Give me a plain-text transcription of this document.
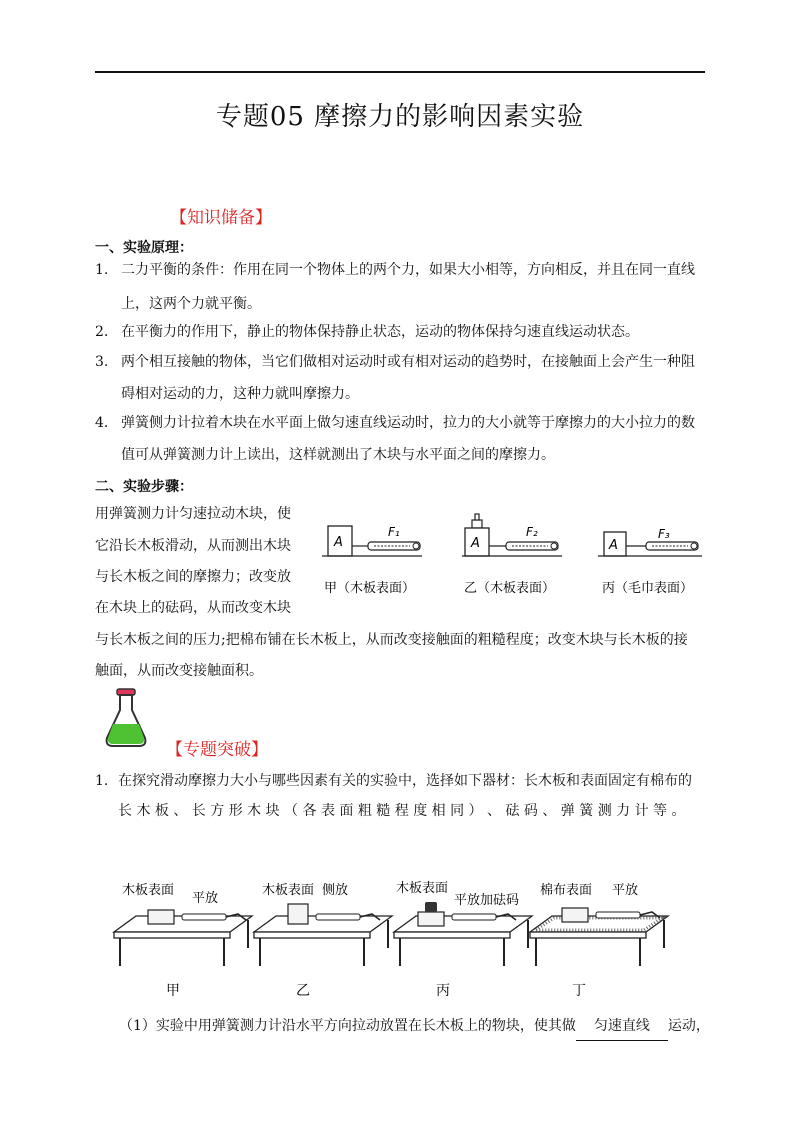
专题05 摩擦力的影响因素实验
【知识储备】
一、实验原理：
1. 二力平衡的条件：作用在同一个物体上的两个力，如果大小相等，方向相反，并且在同一直线
上，这两个力就平衡。
2. 在平衡力的作用下，静止的物体保持静止状态，运动的物体保持匀速直线运动状态。
3. 两个相互接触的物体，当它们做相对运动时或有相对运动的趋势时，在接触面上会产生一种阻
碍相对运动的力，这种力就叫摩擦力。
4. 弹簧侧力计拉着木块在水平面上做匀速直线运动时，拉力的大小就等于摩擦力的大小拉力的数
值可从弹簧测力计上读出，这样就测出了木块与水平面之间的摩擦力。
二、实验步骤：
用弹簧测力计匀速拉动木块，使
它沿长木板滑动，从而测出木块
与长木板之间的摩擦力；改变放
在木块上的砝码，从而改变木块
与长木板之间的压力;把棉布铺在长木板上，从而改变接触面的粗糙程度；改变木块与长木板的接
触面，从而改变接触面积。
A
F₁
甲（木板表面）
A
F₂
乙（木板表面）
A
F₃
丙（毛巾表面）
【专题突破】
1. 在探究滑动摩擦力大小与哪些因素有关的实验中，选择如下器材：长木板和表面固定有棉布的
长 木 板 、 长 方 形 木 块 （ 各 表 面 粗 糙 程 度 相 同 ） 、 砝 码 、 弹 簧 测 力 计 等 。
木板表面
平放
甲
木板表面 侧放
乙
木板表面
平放加砝码
丙
棉布表面 平放
丁
（1）实验中用弹簧测力计沿水平方向拉动放置在长木板上的物块，使其做 匀速直线 运动，
